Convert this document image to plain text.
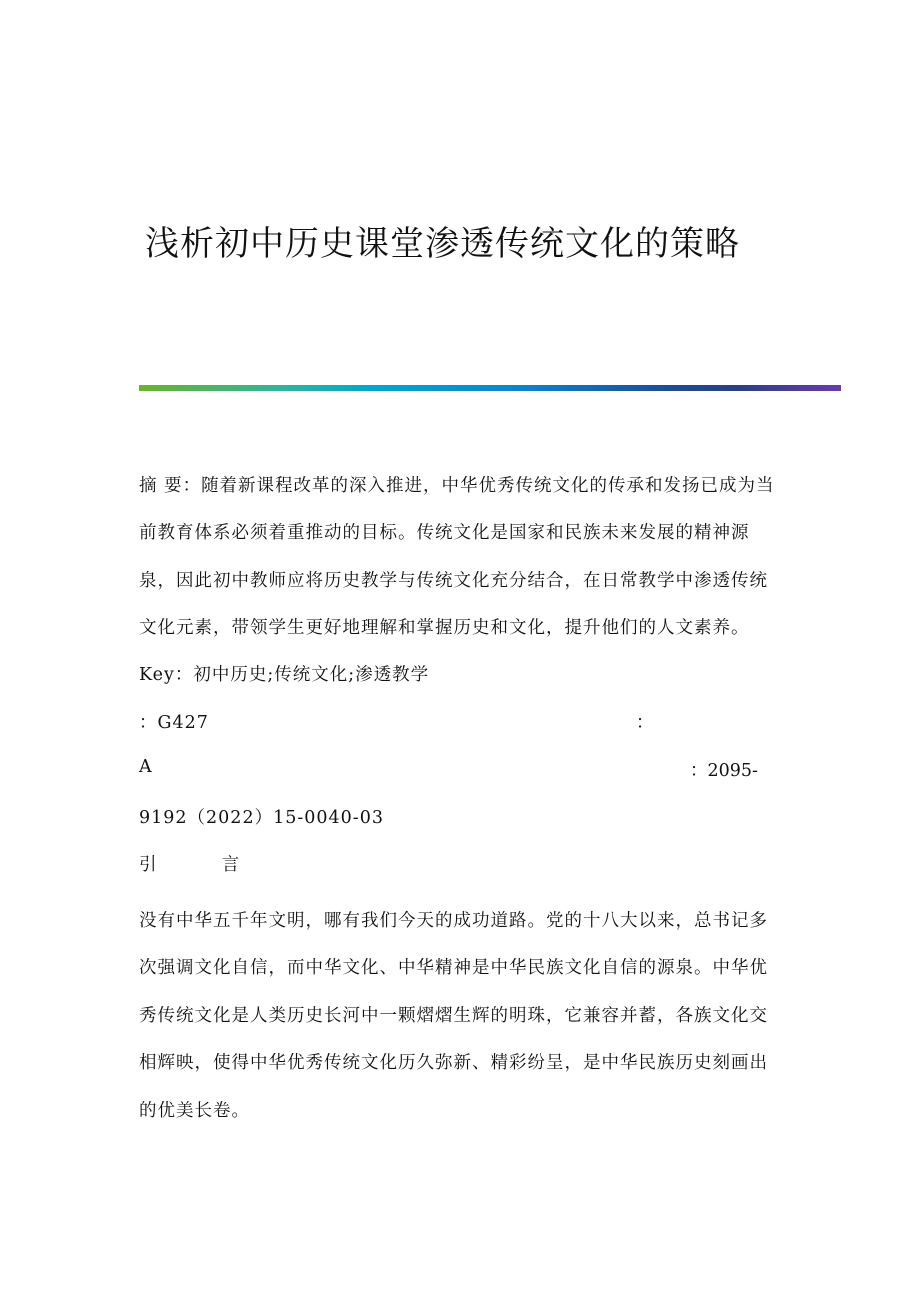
浅析初中历史课堂渗透传统文化的策略
摘 要：随着新课程改革的深入推进，中华优秀传统文化的传承和发扬已成为当
前教育体系必须着重推动的目标。传统文化是国家和民族未来发展的精神源
泉，因此初中教师应将历史教学与传统文化充分结合，在日常教学中渗透传统
文化元素，带领学生更好地理解和掌握历史和文化，提升他们的人文素养。
Key：初中历史;传统文化;渗透教学
：G427	：
A	：2095-
9192（2022）15-0040-03
引　 言
没有中华五千年文明，哪有我们今天的成功道路。党的十八大以来，总书记多
次强调文化自信，而中华文化、中华精神是中华民族文化自信的源泉。中华优
秀传统文化是人类历史长河中一颗熠熠生辉的明珠，它兼容并蓄，各族文化交
相辉映，使得中华优秀传统文化历久弥新、精彩纷呈，是中华民族历史刻画出
的优美长卷。
